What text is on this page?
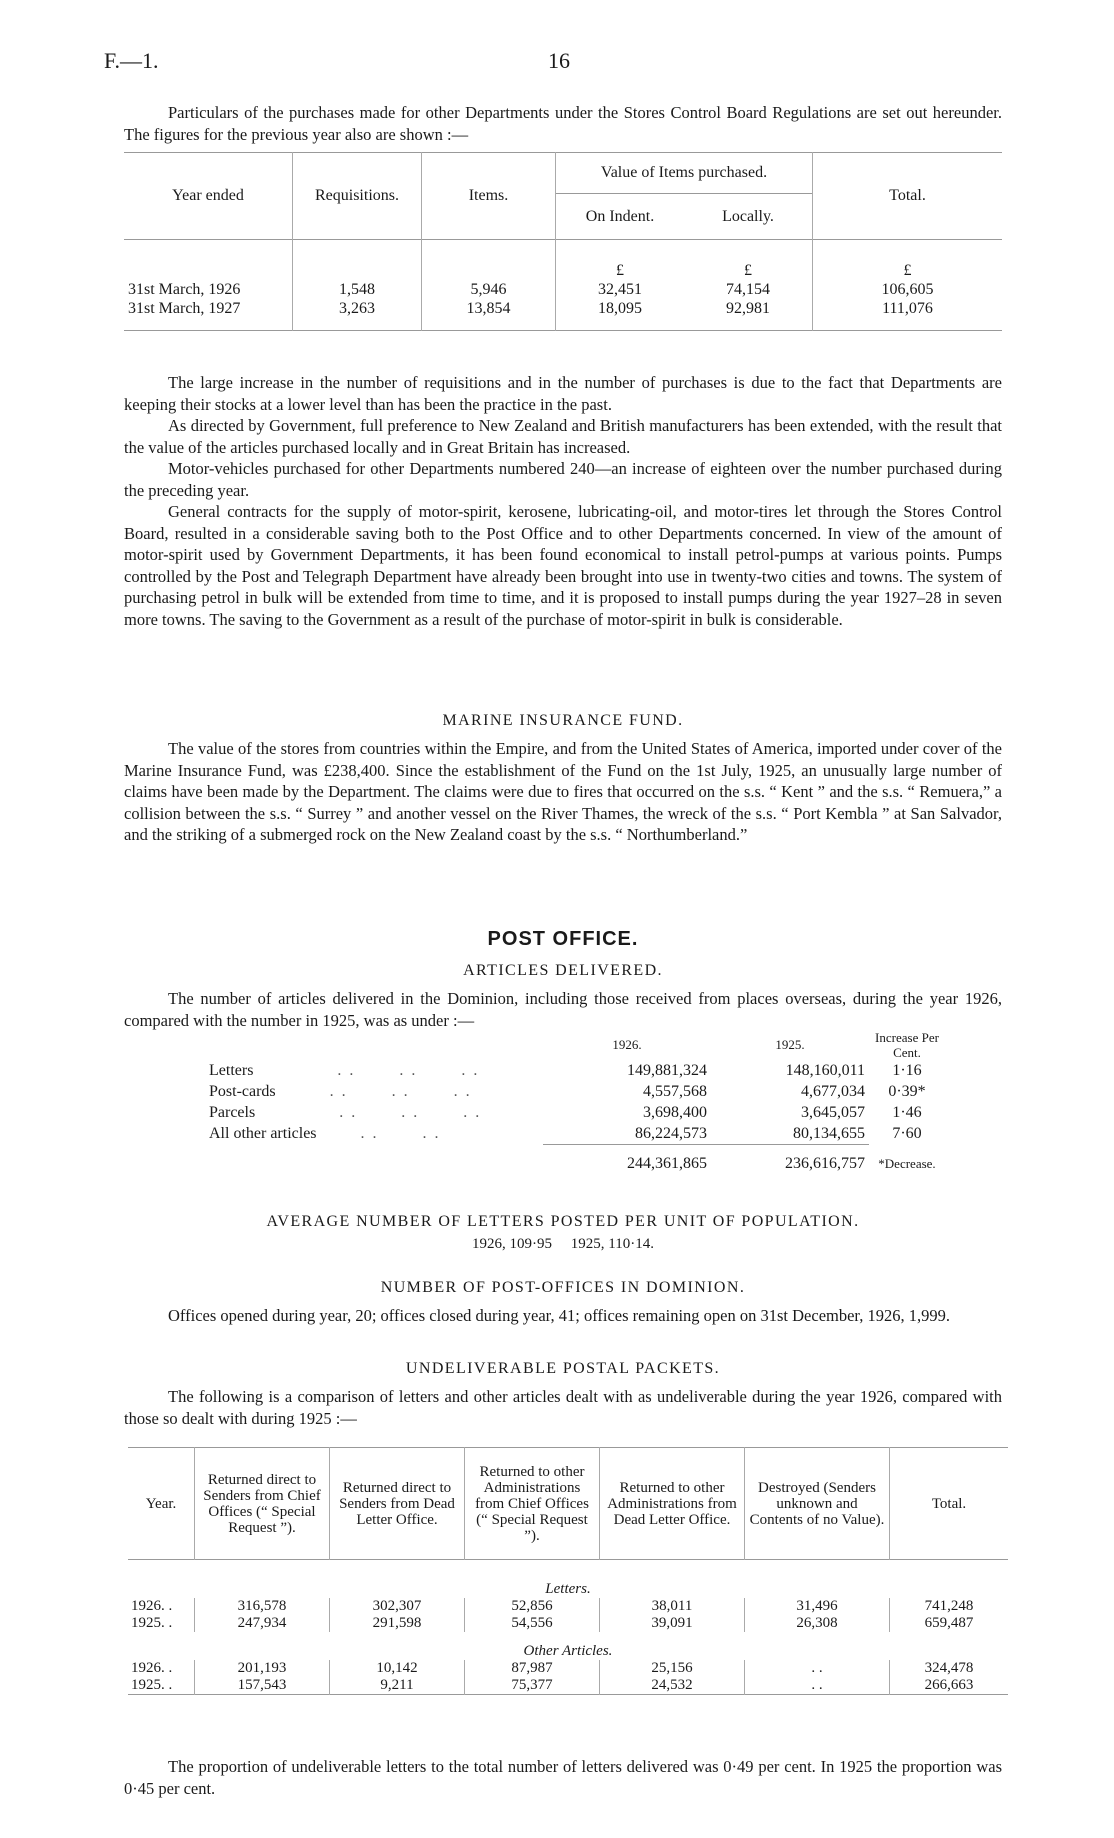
F.—1.	16

Particulars of the purchases made for other Departments under the Stores Control Board Regulations are set out hereunder. The figures for the previous year also are shown :—

Year ended	Requisitions.	Items.	Value of Items purchased.		Total.
			On Indent.	Locally.	
			£	£	£
31st March, 1926	1,548	5,946	32,451	74,154	106,605
31st March, 1927	3,263	13,854	18,095	92,981	111,076

The large increase in the number of requisitions and in the number of purchases is due to the fact that Departments are keeping their stocks at a lower level than has been the practice in the past.

As directed by Government, full preference to New Zealand and British manufacturers has been extended, with the result that the value of the articles purchased locally and in Great Britain has increased.

Motor-vehicles purchased for other Departments numbered 240—an increase of eighteen over the number purchased during the preceding year.

General contracts for the supply of motor-spirit, kerosene, lubricating-oil, and motor-tires let through the Stores Control Board, resulted in a considerable saving both to the Post Office and to other Departments concerned. In view of the amount of motor-spirit used by Government Departments, it has been found economical to install petrol-pumps at various points. Pumps controlled by the Post and Telegraph Department have already been brought into use in twenty-two cities and towns. The system of purchasing petrol in bulk will be extended from time to time, and it is proposed to install pumps during the year 1927–28 in seven more towns. The saving to the Government as a result of the purchase of motor-spirit in bulk is considerable.

MARINE INSURANCE FUND.

The value of the stores from countries within the Empire, and from the United States of America, imported under cover of the Marine Insurance Fund, was £238,400. Since the establishment of the Fund on the 1st July, 1925, an unusually large number of claims have been made by the Department. The claims were due to fires that occurred on the s.s. “ Kent ” and the s.s. “ Remuera,” a collision between the s.s. “ Surrey ” and another vessel on the River Thames, the wreck of the s.s. “ Port Kembla ” at San Salvador, and the striking of a submerged rock on the New Zealand coast by the s.s. “ Northumberland.”

POST OFFICE.
ARTICLES DELIVERED.

The number of articles delivered in the Dominion, including those received from places overseas, during the year 1926, compared with the number in 1925, was as under :—

	1926.	1925.	Increase Per Cent.
Letters . . . . . .	149,881,324	148,160,011	1·16
Post-cards . . . . . .	4,557,568	4,677,034	0·39*
Parcels . . . . . .	3,698,400	3,645,057	1·46
All other articles . . . .	86,224,573	80,134,655	7·60
	244,361,865	236,616,757	*Decrease.
AVERAGE NUMBER OF LETTERS POSTED PER UNIT OF POPULATION.
1926, 109·95     1925, 110·14.
NUMBER OF POST-OFFICES IN DOMINION.

Offices opened during year, 20; offices closed during year, 41; offices remaining open on 31st December, 1926, 1,999.

UNDELIVERABLE POSTAL PACKETS.

The following is a comparison of letters and other articles dealt with as undeliverable during the year 1926, compared with those so dealt with during 1925 :—

Year.	Returned direct to Senders from Chief Offices (“ Special Request ”).	Returned direct to Senders from Dead Letter Office.	Returned to other Administrations from Chief Offices (“ Special Request ”).	Returned to other Administrations from Dead Letter Office.	Destroyed (Senders unknown and Contents of no Value).	Total.
Letters.						
1926. .	316,578	302,307	52,856	38,011	31,496	741,248
1925. .	247,934	291,598	54,556	39,091	26,308	659,487
Other Articles.						
1926. .	201,193	10,142	87,987	25,156	. .	324,478
1925. .	157,543	9,211	75,377	24,532	. .	266,663

The proportion of undeliverable letters to the total number of letters delivered was 0·49 per cent. In 1925 the proportion was 0·45 per cent.
